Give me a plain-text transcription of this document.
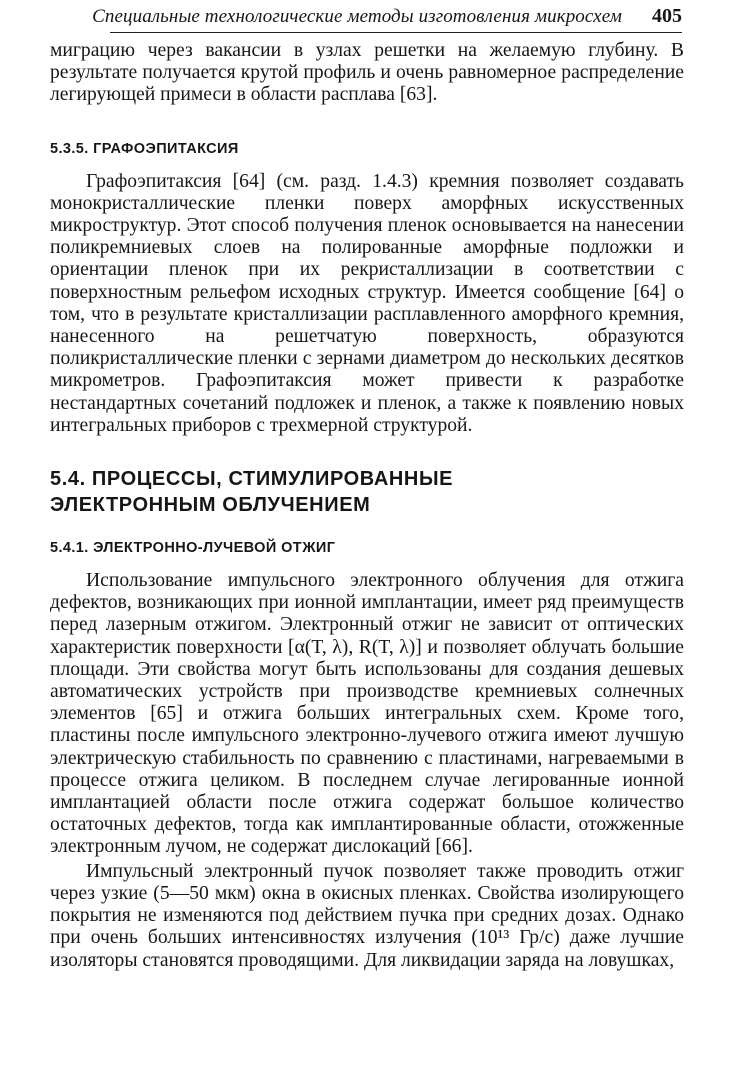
Специальные технологические методы изготовления микросхем 405

миграцию через вакансии в узлах решетки на желаемую глубину. В результате получается крутой профиль и очень равномерное распределение легирующей примеси в области расплава [63].

5.3.5. ГРАФОЭПИТАКСИЯ

Графоэпитаксия [64] (см. разд. 1.4.3) кремния позволяет создавать монокристаллические пленки поверх аморфных искусственных микроструктур. Этот способ получения пленок основывается на нанесении поликремниевых слоев на полированные аморфные подложки и ориентации пленок при их рекристаллизации в соответствии с поверхностным рельефом исходных структур. Имеется сообщение [64] о том, что в результате кристаллизации расплавленного аморфного кремния, нанесенного на решетчатую поверхность, образуются поликристаллические пленки с зернами диаметром до нескольких десятков микрометров. Графоэпитаксия может привести к разработке нестандартных сочетаний подложек и пленок, а также к появлению новых интегральных приборов с трехмерной структурой.

5.4. ПРОЦЕССЫ, СТИМУЛИРОВАННЫЕ ЭЛЕКТРОННЫМ ОБЛУЧЕНИЕМ

5.4.1. ЭЛЕКТРОННО-ЛУЧЕВОЙ ОТЖИГ

Использование импульсного электронного облучения для отжига дефектов, возникающих при ионной имплантации, имеет ряд преимуществ перед лазерным отжигом. Электронный отжиг не зависит от оптических характеристик поверхности [α(T, λ), R(T, λ)] и позволяет облучать большие площади. Эти свойства могут быть использованы для создания дешевых автоматических устройств при производстве кремниевых солнечных элементов [65] и отжига больших интегральных схем. Кроме того, пластины после импульсного электронно-лучевого отжига имеют лучшую электрическую стабильность по сравнению с пластинами, нагреваемыми в процессе отжига целиком. В последнем случае легированные ионной имплантацией области после отжига содержат большое количество остаточных дефектов, тогда как имплантированные области, отожженные электронным лучом, не содержат дислокаций [66].

Импульсный электронный пучок позволяет также проводить отжиг через узкие (5—50 мкм) окна в окисных пленках. Свойства изолирующего покрытия не изменяются под действием пучка при средних дозах. Однако при очень больших интенсивностях излучения (10¹³ Гр/с) даже лучшие изоляторы становятся проводящими. Для ликвидации заряда на ловушках,
